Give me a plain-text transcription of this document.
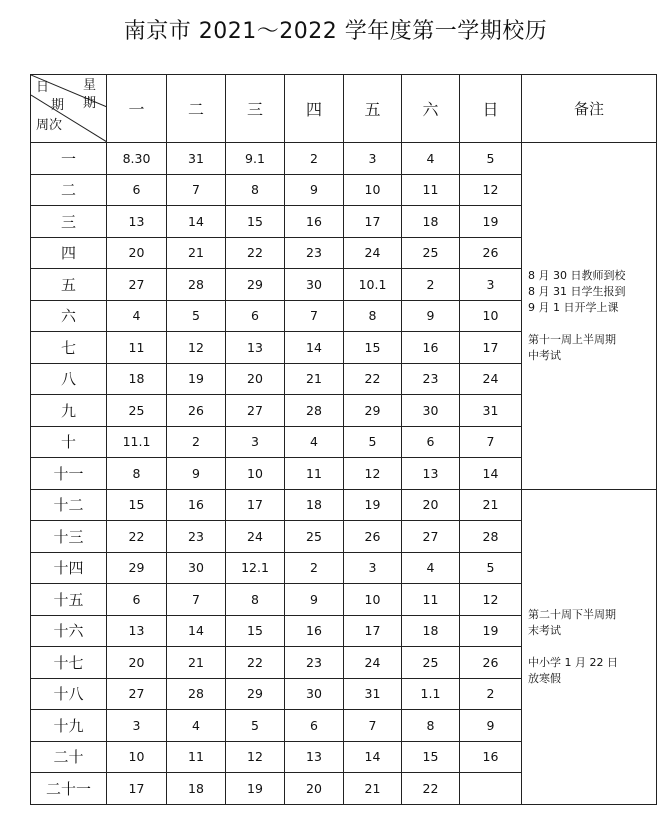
南京市 2021～2022 学年度第一学期校历
日 星
期 期
周次	一	二	三	四	五	六	日	备注
一	8.30	31	9.1	2	3	4	5	8 月 30 日教师到校

8 月 31 日学生报到

9 月 1 日开学上课

第十一周上半周期

中考试

二	6	7	8	9	10	11	12	
三	13	14	15	16	17	18	19	
四	20	21	22	23	24	25	26	
五	27	28	29	30	10.1	2	3	
六	4	5	6	7	8	9	10	
七	11	12	13	14	15	16	17	
八	18	19	20	21	22	23	24	
九	25	26	27	28	29	30	31	
十	11.1	2	3	4	5	6	7	
十一	8	9	10	11	12	13	14	
十二	15	16	17	18	19	20	21	第二十周下半周期

末考试

中小学 1 月 22 日

放寒假

十三	22	23	24	25	26	27	28	
十四	29	30	12.1	2	3	4	5	
十五	6	7	8	9	10	11	12	
十六	13	14	15	16	17	18	19	
十七	20	21	22	23	24	25	26	
十八	27	28	29	30	31	1.1	2	
十九	3	4	5	6	7	8	9	
二十	10	11	12	13	14	15	16	
二十一	17	18	19	20	21	22		
